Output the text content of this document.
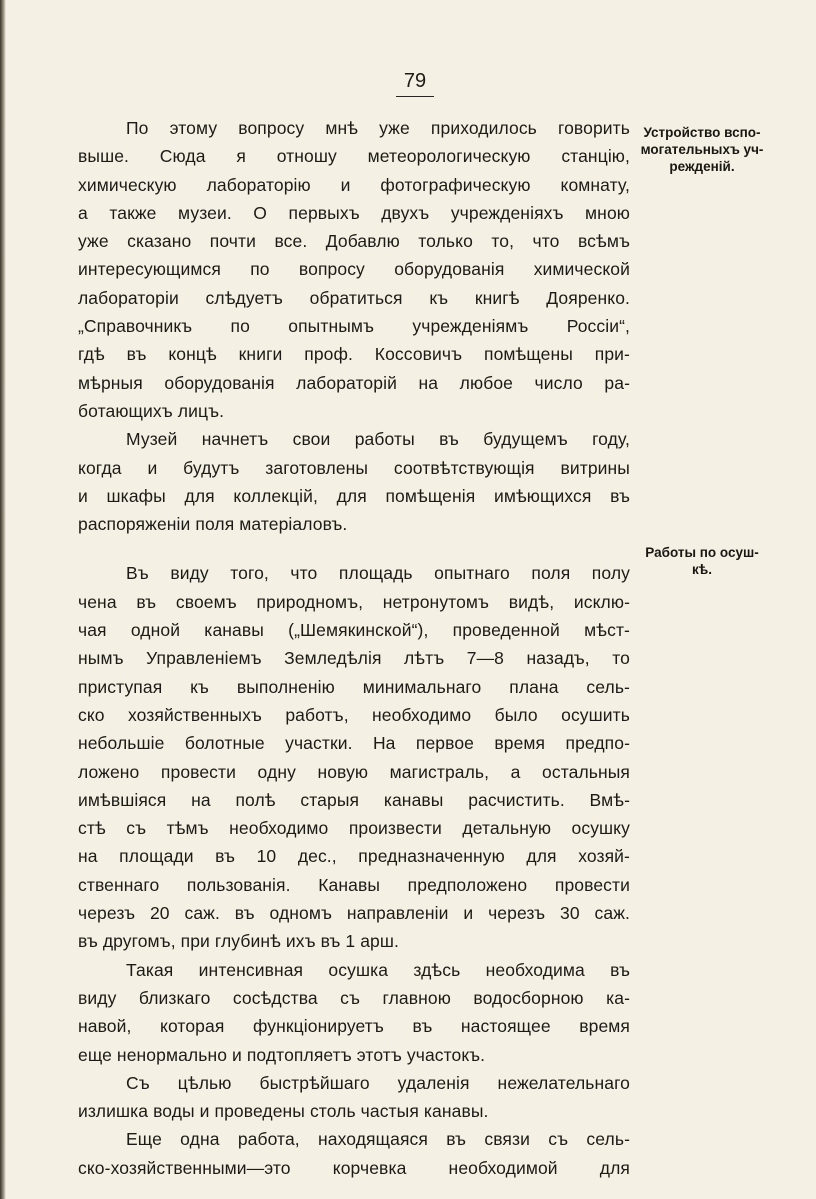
79
Устройство вспо-
могательныхъ уч-
режденій.
Работы по осуш-
кѣ.

По этому вопросу мнѣ уже приходилось говорить
выше. Сюда я отношу метеорологическую станцію,
химическую лабораторію и фотографическую комнату,
а также музеи. О первыхъ двухъ учрежденіяхъ мною
уже сказано почти все. Добавлю только то, что всѣмъ
интересующимся по вопросу оборудованія химической
лабораторіи слѣдуетъ обратиться къ книгѣ Дояренко.
„Справочникъ по опытнымъ учрежденіямъ Россіи“,
гдѣ въ концѣ книги проф. Коссовичъ помѣщены при-
мѣрныя оборудованія лабораторій на любое число ра-
ботающихъ лицъ.

Музей начнетъ свои работы въ будущемъ году,
когда и будутъ заготовлены соотвѣтствующія витрины
и шкафы для коллекцій, для помѣщенія имѣющихся въ
распоряженіи поля матеріаловъ.

Въ виду того, что площадь опытнаго поля полу
чена въ своемъ природномъ, нетронутомъ видѣ, исклю-
чая одной канавы („Шемякинской“), проведенной мѣст-
нымъ Управленіемъ Земледѣлія лѣтъ 7—8 назадъ, то
приступая къ выполненію минимальнаго плана сель-
ско хозяйственныхъ работъ, необходимо было осушить
небольшіе болотные участки. На первое время предпо-
ложено провести одну новую магистраль, а остальныя
имѣвшіяся на полѣ старыя канавы расчистить. Вмѣ-
стѣ съ тѣмъ необходимо произвести детальную осушку
на площади въ 10 дес., предназначенную для хозяй-
ственнаго пользованія. Канавы предположено провести
черезъ 20 саж. въ одномъ направленіи и черезъ 30 саж.
въ другомъ, при глубинѣ ихъ въ 1 арш.

Такая интенсивная осушка здѣсь необходима въ
виду близкаго сосѣдства съ главною водосборною ка-
навой, которая функціонируетъ въ настоящее время
еще ненормально и подтопляетъ этотъ участокъ.

Съ цѣлью быстрѣйшаго удаленія нежелательнаго
излишка воды и проведены столь частыя канавы.

Еще одна работа, находящаяся въ связи съ сель-
ско-хозяйственными—это корчевка необходимой для
